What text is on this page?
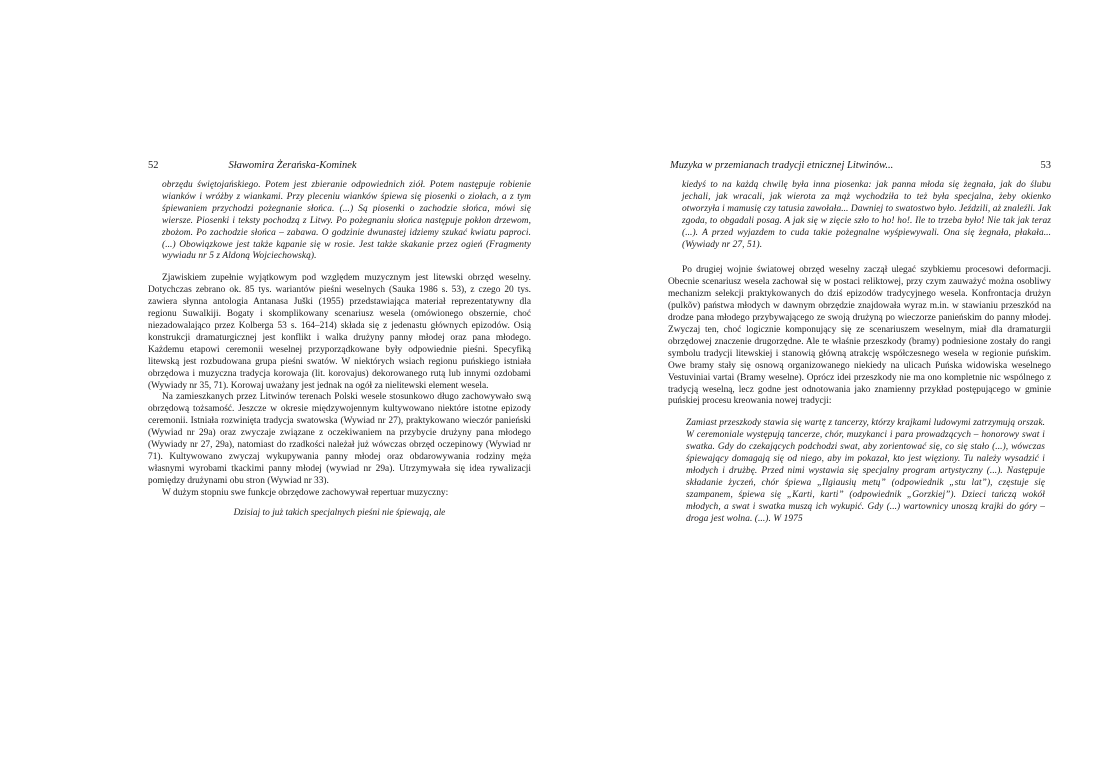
52	Sławomira Żerańska-Kominek

obrzędu świętojańskiego. Potem jest zbieranie odpowiednich ziół. Potem następuje robienie wianków i wróżby z wiankami. Przy pleceniu wianków śpiewa się piosenki o ziołach, a z tym śpiewaniem przychodzi pożegnanie słońca. (...) Są piosenki o zachodzie słońca, mówi się wiersze. Piosenki i teksty pochodzą z Litwy. Po pożegnaniu słońca następuje pokłon drzewom, zbożom. Po zachodzie słońca – zabawa. O godzinie dwunastej idziemy szukać kwiatu paproci. (...) Obowiązkowe jest także kąpanie się w rosie. Jest także skakanie przez ogień (Fragmenty wywiadu nr 5 z Aldoną Wojciechowską).

Zjawiskiem zupełnie wyjątkowym pod względem muzycznym jest litewski obrzęd weselny. Dotychczas zebrano ok. 85 tys. wariantów pieśni weselnych (Sauka 1986 s. 53), z czego 20 tys. zawiera słynna antologia Antanasa Juški (1955) przedstawiająca materiał reprezentatywny dla regionu Suwalkiji. Bogaty i skomplikowany scenariusz wesela (omówionego obszernie, choć niezadowalająco przez Kolberga 53 s. 164–214) składa się z jedenastu głównych epizodów. Osią konstrukcji dramaturgicznej jest konflikt i walka drużyny panny młodej oraz pana młodego. Każdemu etapowi ceremonii weselnej przyporządkowane były odpowiednie pieśni. Specyfiką litewską jest rozbudowana grupa pieśni swatów. W niektórych wsiach regionu puńskiego istniała obrzędowa i muzyczna tradycja korowaja (lit. korovajus) dekorowanego rutą lub innymi ozdobami (Wywiady nr 35, 71). Korowaj uważany jest jednak na ogół za nielitewski element wesela.

Na zamieszkanych przez Litwinów terenach Polski wesele stosunkowo długo zachowywało swą obrzędową tożsamość. Jeszcze w okresie międzywojennym kultywowano niektóre istotne epizody ceremonii. Istniała rozwinięta tradycja swatowska (Wywiad nr 27), praktykowano wieczór panieński (Wywiad nr 29a) oraz zwyczaje związane z oczekiwaniem na przybycie drużyny pana młodego (Wywiady nr 27, 29a), natomiast do rzadkości należał już wówczas obrzęd oczepinowy (Wywiad nr 71). Kultywowano zwyczaj wykupywania panny młodej oraz obdarowywania rodziny męża własnymi wyrobami tkackimi panny młodej (wywiad nr 29a). Utrzymywała się idea rywalizacji pomiędzy drużynami obu stron (Wywiad nr 33).

W dużym stopniu swe funkcje obrzędowe zachowywał repertuar muzyczny:

Dzisiaj to już takich specjalnych pieśni nie śpiewają, ale

Muzyka w przemianach tradycji etnicznej Litwinów...	53

kiedyś to na każdą chwilę była inna piosenka: jak panna młoda się żegnała, jak do ślubu jechali, jak wracali, jak wierota za mąż wychodziła to też była specjalna, żeby okienko otworzyła i mamusię czy tatusia zawołała... Dawniej to swatostwo było. Jeździli, aż znaleźli. Jak zgoda, to obgadali posag. A jak się w zięcie szło to ho! ho!. Ile to trzeba było! Nie tak jak teraz (...). A przed wyjazdem to cuda takie pożegnalne wyśpiewywali. Ona się żegnała, płakała... (Wywiady nr 27, 51).

Po drugiej wojnie światowej obrzęd weselny zaczął ulegać szybkiemu procesowi deformacji. Obecnie scenariusz wesela zachował się w postaci reliktowej, przy czym zauważyć można osobliwy mechanizm selekcji praktykowanych do dziś epizodów tradycyjnego wesela. Konfrontacja drużyn (pulkõv) państwa młodych w dawnym obrzędzie znajdowała wyraz m.in. w stawianiu przeszkód na drodze pana młodego przybywającego ze swoją drużyną po wieczorze panieńskim do panny młodej. Zwyczaj ten, choć logicznie komponujący się ze scenariuszem weselnym, miał dla dramaturgii obrzędowej znaczenie drugorzędne. Ale te właśnie przeszkody (bramy) podniesione zostały do rangi symbolu tradycji litewskiej i stanowią główną atrakcję współczesnego wesela w regionie puńskim. Owe bramy stały się osnową organizowanego niekiedy na ulicach Puńska widowiska weselnego Vestuviniai vartai (Bramy weselne). Oprócz idei przeszkody nie ma ono kompletnie nic wspólnego z tradycją weselną, lecz godne jest odnotowania jako znamienny przykład postępującego w gminie puńskiej procesu kreowania nowej tradycji:

Zamiast przeszkody stawia się wartę z tancerzy, którzy krajkami ludowymi zatrzymują orszak. W ceremoniale występują tancerze, chór, muzykanci i para prowadzących – honorowy swat i swatka. Gdy do czekających podchodzi swat, aby zorientować się, co się stało (...), wówczas śpiewający domagają się od niego, aby im pokazał, kto jest więziony. Tu należy wysadzić i młodych i drużbę. Przed nimi wystawia się specjalny program artystyczny (...). Następuje składanie życzeń, chór śpiewa „Ilgiausių metų” (odpowiednik „stu lat”), częstuje się szampanem, śpiewa się „Karti, karti” (odpowiednik „Gorzkiej”). Dzieci tańczą wokół młodych, a swat i swatka muszą ich wykupić. Gdy (...) wartownicy unoszą krajki do góry – droga jest wolna. (...). W 1975
